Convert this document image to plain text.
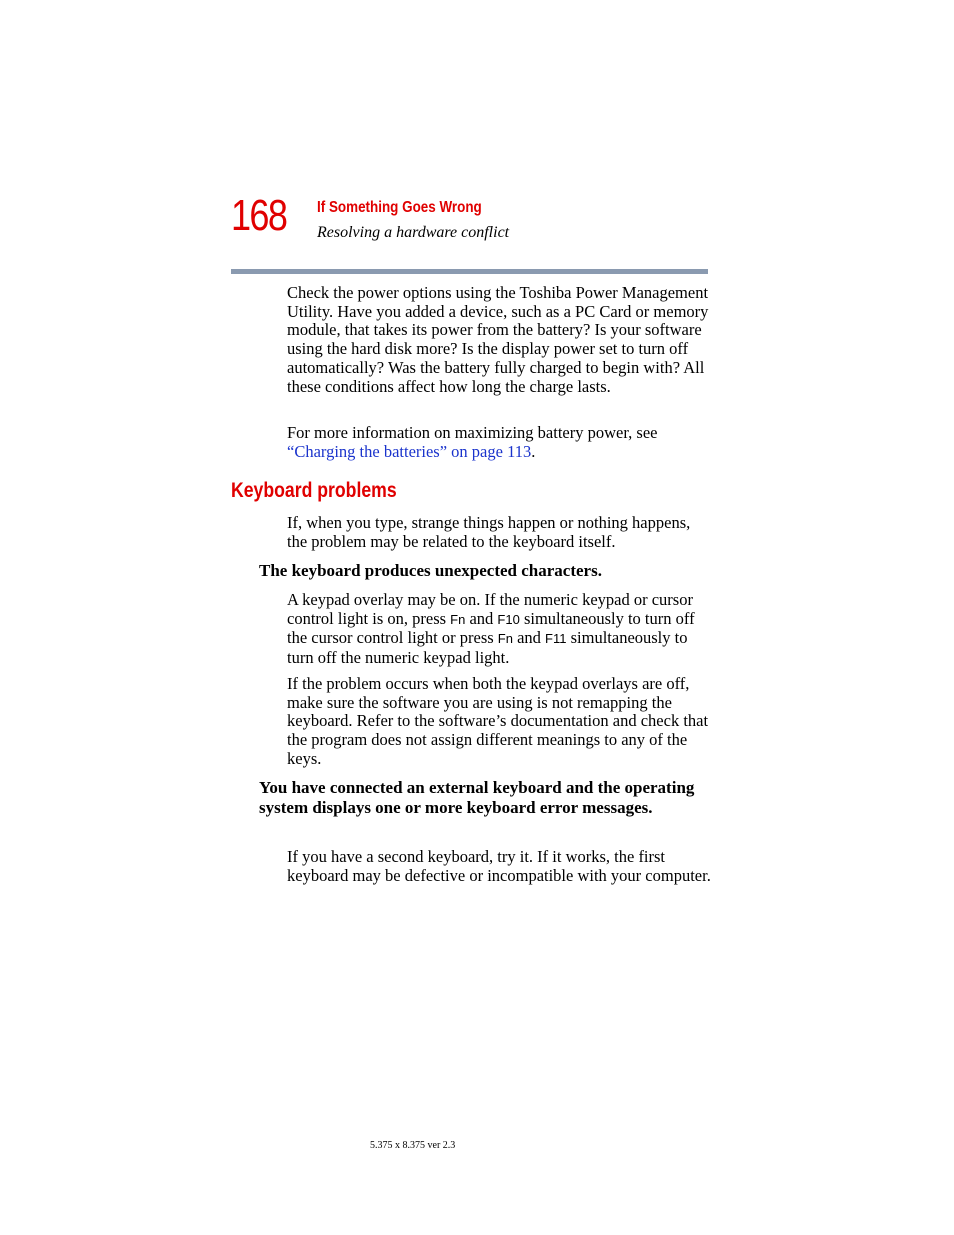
168 If Something Goes Wrong
Resolving a hardware conflict

Check the power options using the Toshiba Power Management Utility. Have you added a device, such as a PC Card or memory module, that takes its power from the battery? Is your software using the hard disk more? Is the display power set to turn off automatically? Was the battery fully charged to begin with? All these conditions affect how long the charge lasts.

For more information on maximizing battery power, see “Charging the batteries” on page 113.

Keyboard problems

If, when you type, strange things happen or nothing happens, the problem may be related to the keyboard itself.

The keyboard produces unexpected characters.

A keypad overlay may be on. If the numeric keypad or cursor control light is on, press Fn and F10 simultaneously to turn off the cursor control light or press Fn and F11 simultaneously to turn off the numeric keypad light.

If the problem occurs when both the keypad overlays are off, make sure the software you are using is not remapping the keyboard. Refer to the software’s documentation and check that the program does not assign different meanings to any of the keys.

You have connected an external keyboard and the operating system displays one or more keyboard error messages.

If you have a second keyboard, try it. If it works, the first keyboard may be defective or incompatible with your computer.

5.375 x 8.375 ver 2.3
